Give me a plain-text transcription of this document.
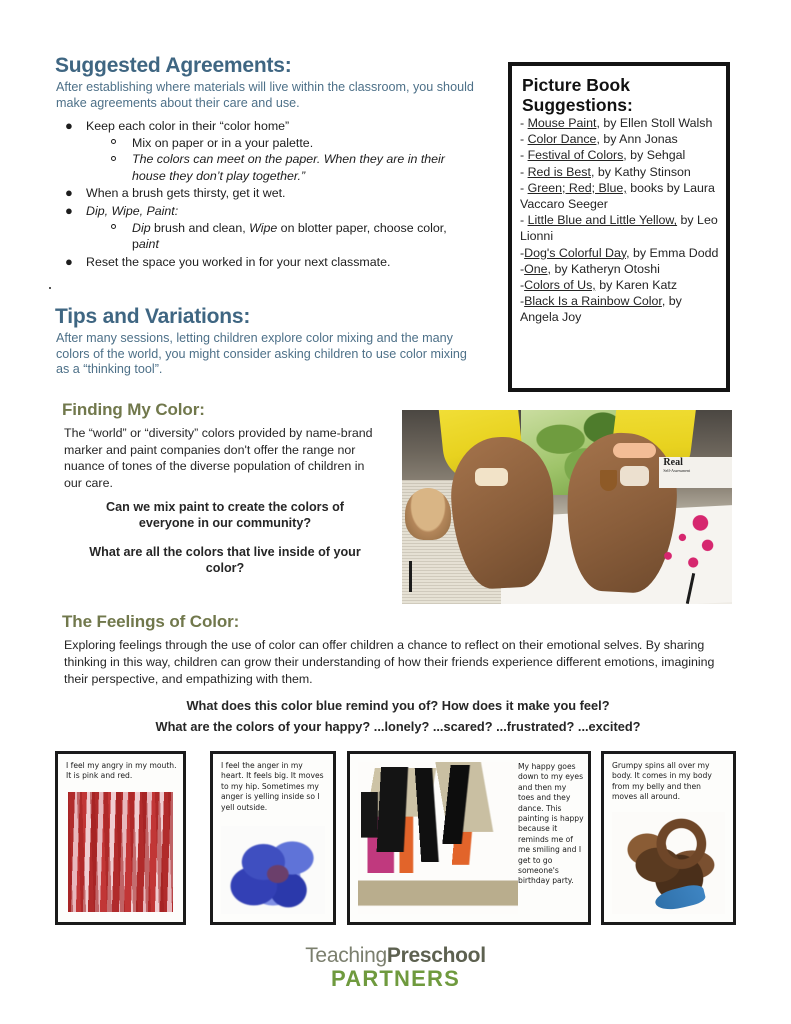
Suggested Agreements:
After establishing where materials will live within the classroom, you should make agreements about their care and use.
● Keep each color in their “color home”
Mix on paper or in a your palette.
The colors can meet on the paper. When they are in their house they don’t play together.”
● When a brush gets thirsty, get it wet.
● Dip, Wipe, Paint:
Dip brush and clean, Wipe on blotter paper, choose color, paint
● Reset the space you worked in for your next classmate.
Picture Book
Suggestions:
- Mouse Paint, by Ellen Stoll Walsh
- Color Dance, by Ann Jonas
- Festival of Colors, by Sehgal
- Red is Best, by Kathy Stinson
- Green; Red; Blue, books by Laura Vaccaro Seeger
- Little Blue and Little Yellow, by Leo Lionni
-Dog's Colorful Day, by Emma Dodd
-One, by Katheryn Otoshi
-Colors of Us, by Karen Katz
-Black Is a Rainbow Color, by Angela Joy
Tips and Variations:
After many sessions, letting children explore color mixing and the many colors of the world, you might consider asking children to use color mixing as a “thinking tool”.
Finding My Color:
The “world” or “diversity” colors provided by name-brand marker and paint companies don't offer the range nor nuance of tones of the diverse population of children in our care.
Can we mix paint to create the colors of everyone in our community?
What are all the colors that live inside of your color?
Real
Self-Assessment
The Feelings of Color:
Exploring feelings through the use of color can offer children a chance to reflect on their emotional selves. By sharing thinking in this way, children can grow their understanding of how their friends experience different emotions, imagining their perspective, and empathizing with them.
What does this color blue remind you of? How does it make you feel?
What are the colors of your happy? ...lonely? ...scared? ...frustrated? ...excited?
I feel my angry in my mouth. It is pink and red.
I feel the anger in my heart. It feels big. It moves to my hip. Sometimes my anger is yelling inside so I yell outside.
My happy goes down to my eyes and then my toes and they dance. This painting is happy because it reminds me of me smiling and I get to go someone's birthday party.
Grumpy spins all over my body. It comes in my body from my belly and then moves all around.
TeachingPreschool
PARTNERS
